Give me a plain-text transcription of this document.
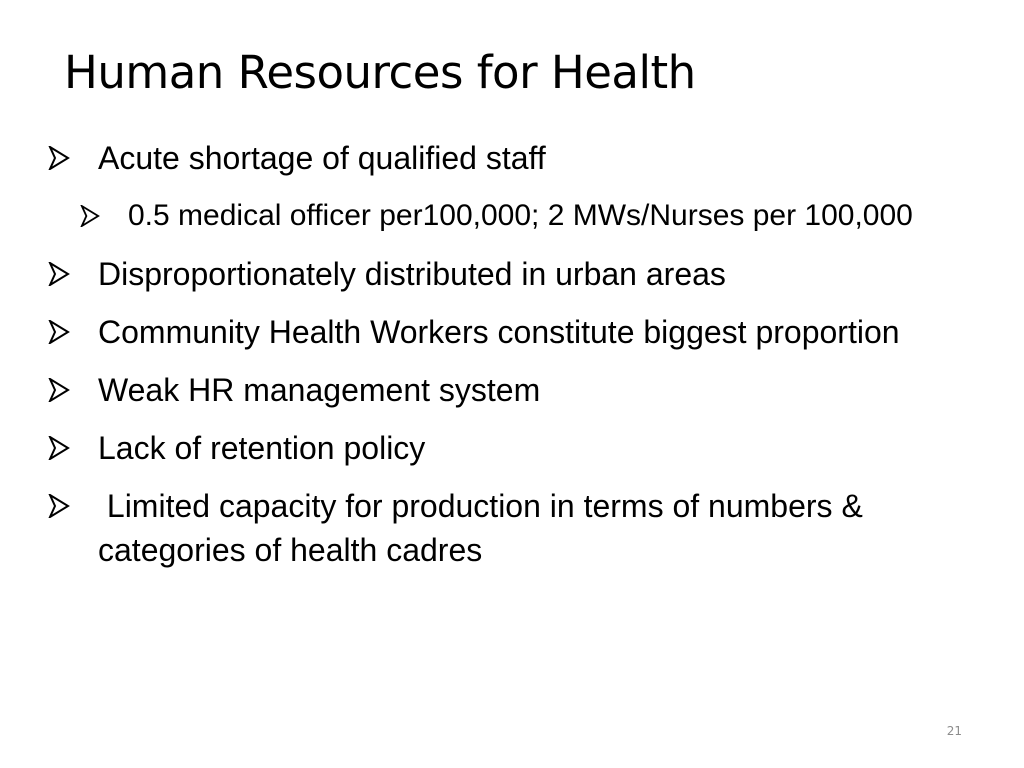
Human Resources for Health
Acute shortage of qualified staff
0.5 medical officer per100,000; 2 MWs/Nurses per 100,000
Disproportionately distributed in urban areas
Community Health Workers constitute biggest proportion
Weak HR management system
Lack of retention policy
Limited capacity for production in terms of numbers & categories of health cadres
21
